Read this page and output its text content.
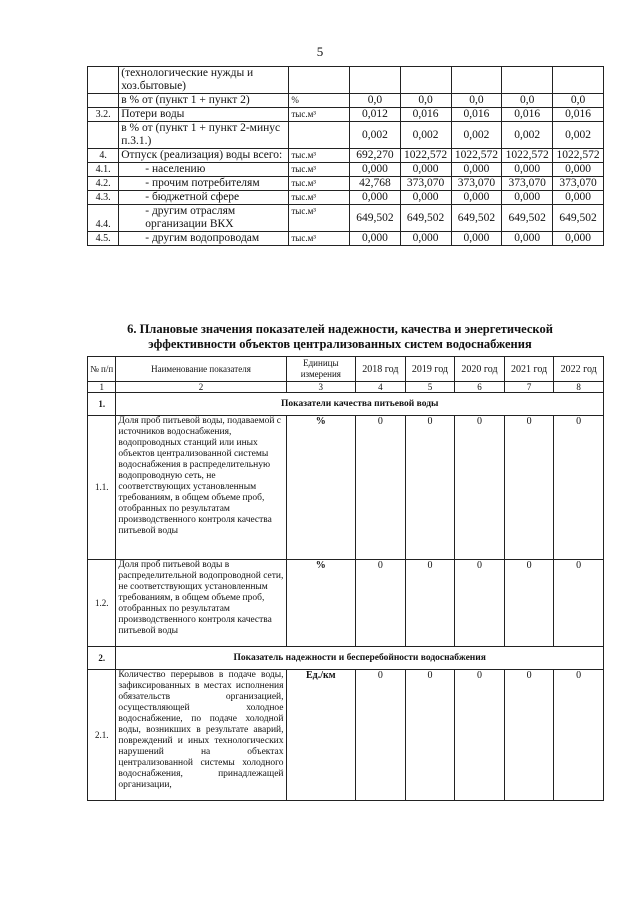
5
	(технологические нужды и хоз.бытовые)						
	в % от (пункт 1 + пункт 2)	%	0,0	0,0	0,0	0,0	0,0
3.2.	Потери воды	тыс.м³	0,012	0,016	0,016	0,016	0,016
	в % от (пункт 1 + пункт 2-минус п.3.1.)		0,002	0,002	0,002	0,002	0,002
4.	Отпуск (реализация) воды всего:	тыс.м³	692,270	1022,572	1022,572	1022,572	1022,572
4.1.	- населению	тыс.м³	0,000	0,000	0,000	0,000	0,000
4.2.	- прочим потребителям	тыс.м³	42,768	373,070	373,070	373,070	373,070
4.3.	- бюджетной сфере	тыс.м³	0,000	0,000	0,000	0,000	0,000
4.4.	- другим отраслям организации ВКХ	тыс.м³	649,502	649,502	649,502	649,502	649,502
4.5.	- другим водопроводам	тыс.м³	0,000	0,000	0,000	0,000	0,000
6. Плановые значения показателей надежности, качества и энергетической
эффективности объектов централизованных систем водоснабжения
№ п/п	Наименование показателя	Единицы измерения	2018 год	2019 год	2020 год	2021 год	2022 год
1	2	3	4	5	6	7	8
1.	Показатели качества питьевой воды						
1.1.	Доля проб питьевой воды, подаваемой с источников водоснабжения, водопроводных станций или иных объектов централизованной системы водоснабжения в распределительную водопроводную сеть, не соответствующих установленным требованиям, в общем объеме проб, отобранных по результатам производственного контроля качества питьевой воды	%	0	0	0	0	0
1.2.	Доля проб питьевой воды в распределительной водопроводной сети, не соответствующих установленным требованиям, в общем объеме проб, отобранных по результатам производственного контроля качества питьевой воды	%	0	0	0	0	0
2.	Показатель надежности и бесперебойности водоснабжения						
2.1.	Количество перерывов в подаче воды, зафиксированных в местах исполнения обязательств организацией, осуществляющей холодное водоснабжение, по подаче холодной воды, возникших в результате аварий, повреждений и иных технологических нарушений на объектах централизованной системы холодного водоснабжения, принадлежащей организации,	Ед./км	0	0	0	0	0
